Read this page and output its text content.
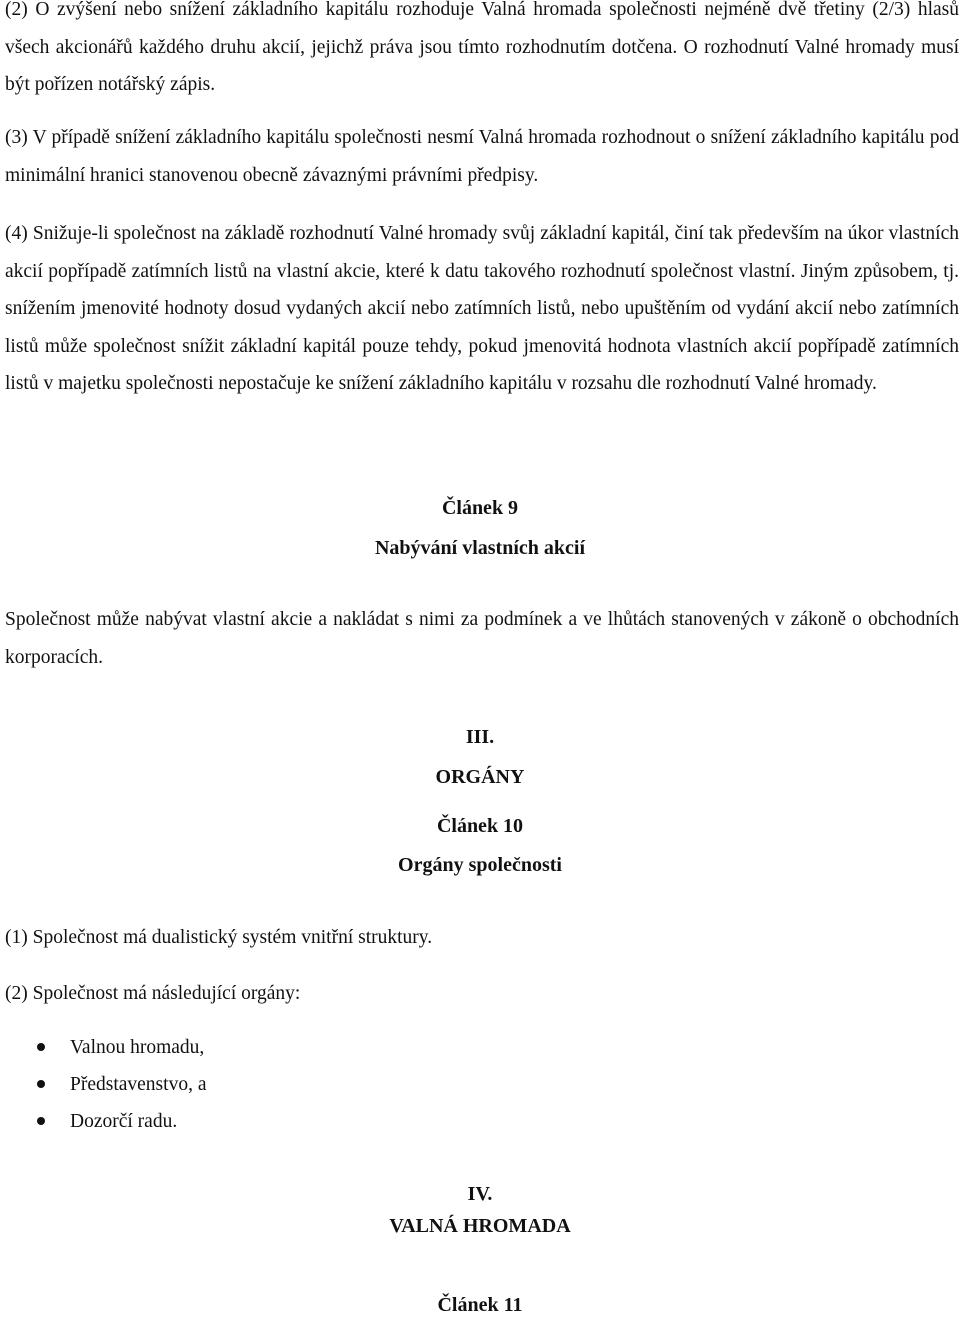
(2) O zvýšení nebo snížení základního kapitálu rozhoduje Valná hromada společnosti nejméně dvě třetiny (2/3) hlasů všech akcionářů každého druhu akcií, jejichž práva jsou tímto rozhodnutím dotčena. O rozhodnutí Valné hromady musí být pořízen notářský zápis.

(3) V případě snížení základního kapitálu společnosti nesmí Valná hromada rozhodnout o snížení základního kapitálu pod minimální hranici stanovenou obecně závaznými právními předpisy.

(4) Snižuje-li společnost na základě rozhodnutí Valné hromady svůj základní kapitál, činí tak především na úkor vlastních akcií popřípadě zatímních listů na vlastní akcie, které k datu takového rozhodnutí společnost vlastní. Jiným způsobem, tj. snížením jmenovité hodnoty dosud vydaných akcií nebo zatímních listů, nebo upuštěním od vydání akcií nebo zatímních listů může společnost snížit základní kapitál pouze tehdy, pokud jmenovitá hodnota vlastních akcií popřípadě zatímních listů v majetku společnosti nepostačuje ke snížení základního kapitálu v rozsahu dle rozhodnutí Valné hromady.

Článek 9
Nabývání vlastních akcií

Společnost může nabývat vlastní akcie a nakládat s nimi za podmínek a ve lhůtách stanovených v zákoně o obchodních korporacích.

III.
ORGÁNY
Článek 10
Orgány společnosti

(1) Společnost má dualistický systém vnitřní struktury.

(2) Společnost má následující orgány:

Valnou hromadu,
Představenstvo, a
Dozorčí radu.
IV.
VALNÁ HROMADA
Článek 11
